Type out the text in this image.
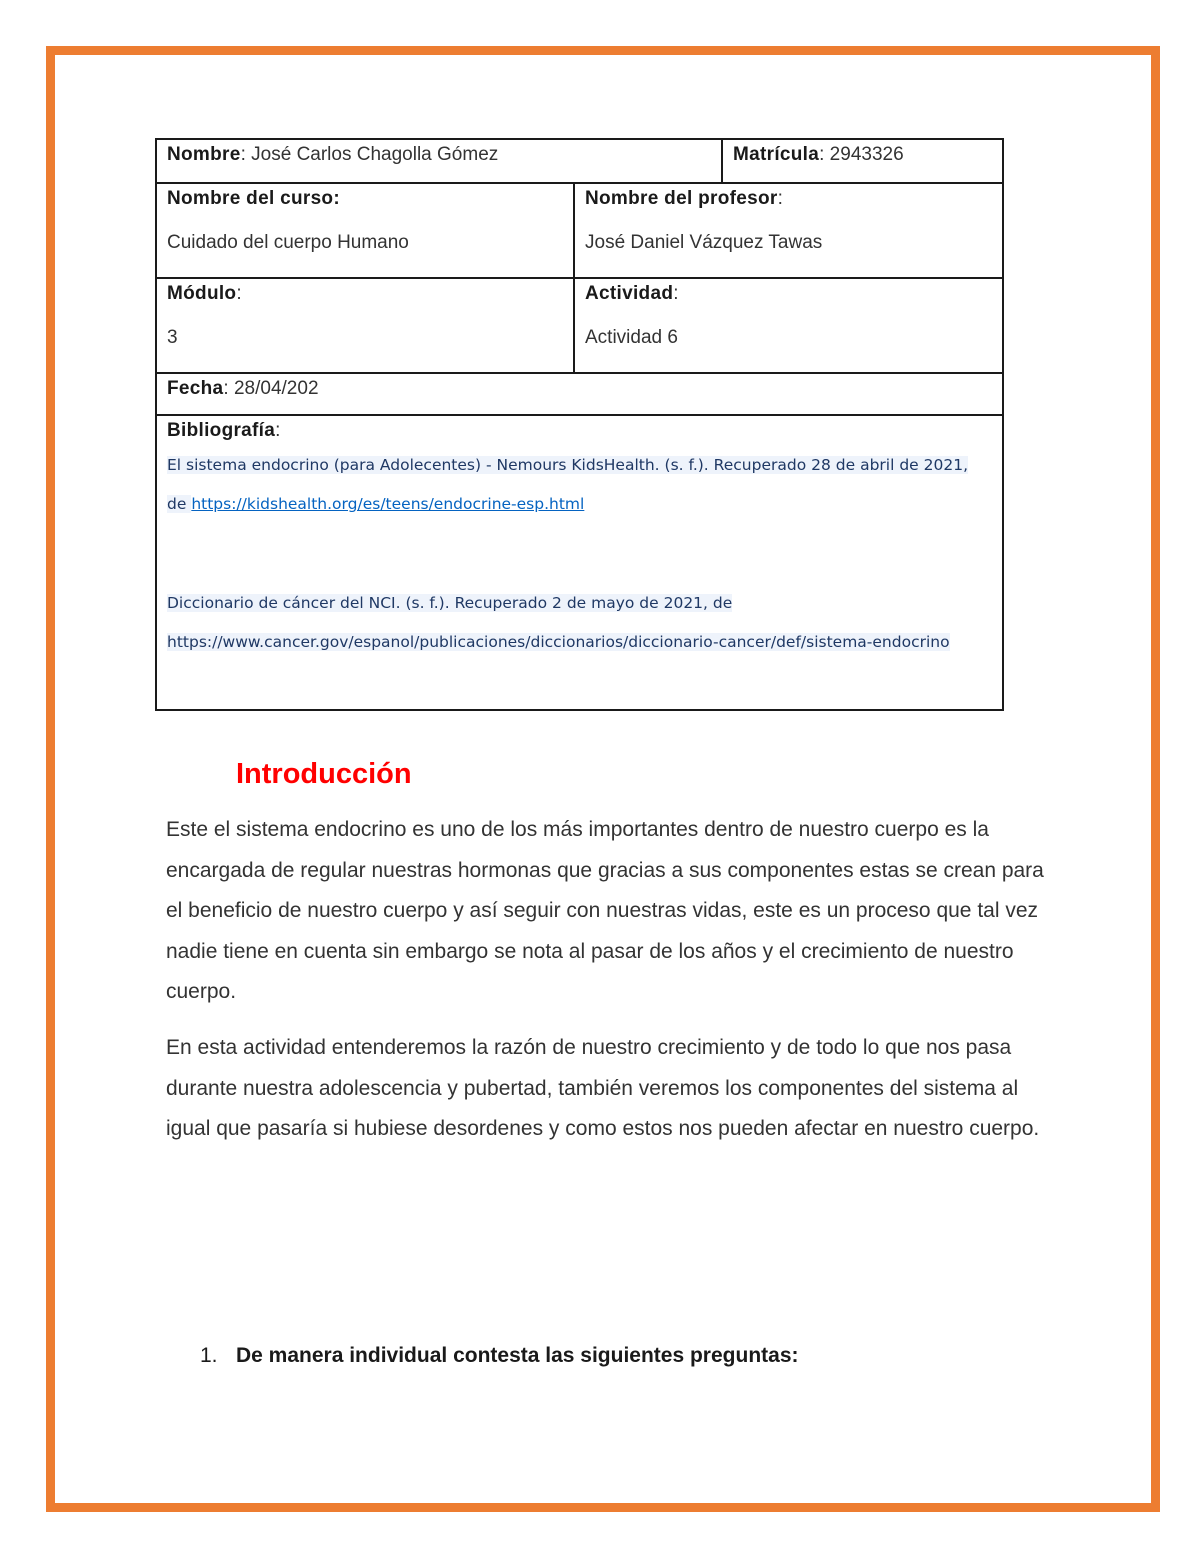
Nombre: José Carlos Chagolla Gómez	Matrícula: 2943326
Nombre del curso:
Cuidado del cuerpo Humano
Nombre del profesor:
José Daniel Vázquez Tawas
Módulo:
3
Actividad:
Actividad 6
Fecha: 28/04/202
Bibliografía:
El sistema endocrino (para Adolecentes) - Nemours KidsHealth. (s. f.). Recuperado 28 de abril de 2021, de https://kidshealth.org/es/teens/endocrine-esp.html
Diccionario de cáncer del NCI. (s. f.). Recuperado 2 de mayo de 2021, de https://www.cancer.gov/espanol/publicaciones/diccionarios/diccionario-cancer/def/sistema-endocrino
Introducción
Este el sistema endocrino es uno de los más importantes dentro de nuestro cuerpo es la encargada de regular nuestras hormonas que gracias a sus componentes estas se crean para el beneficio de nuestro cuerpo y así seguir con nuestras vidas, este es un proceso que tal vez nadie tiene en cuenta sin embargo se nota al pasar de los años y el crecimiento de nuestro cuerpo.
En esta actividad entenderemos la razón de nuestro crecimiento y de todo lo que nos pasa durante nuestra adolescencia y pubertad, también veremos los componentes del sistema al igual que pasaría si hubiese desordenes y como estos nos pueden afectar en nuestro cuerpo.
1. De manera individual contesta las siguientes preguntas:
